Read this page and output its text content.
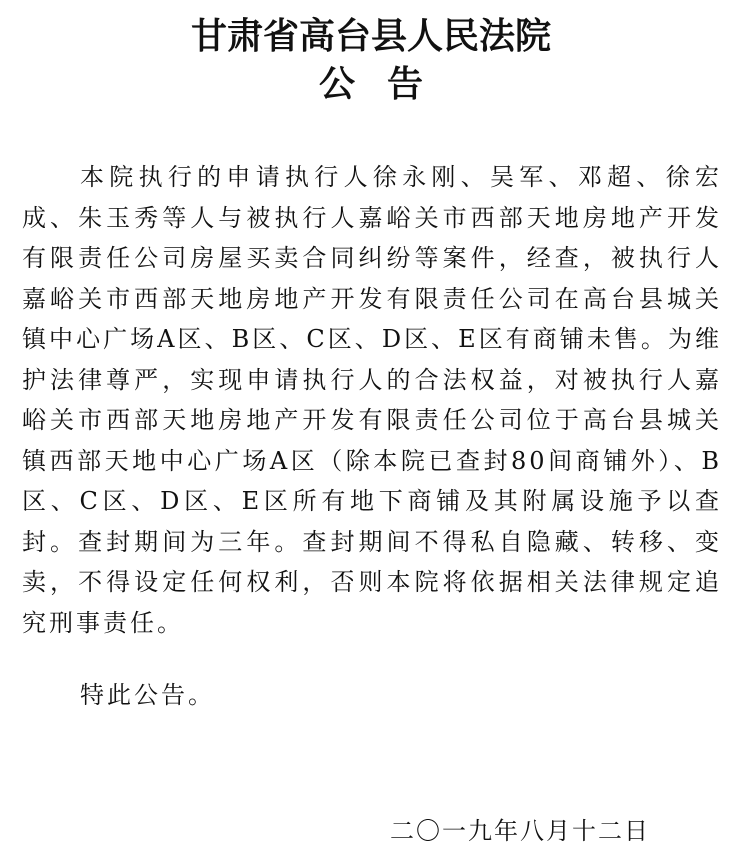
甘肃省高台县人民法院
公告

本院执行的申请执行人徐永刚、吴军、邓超、徐宏成、朱玉秀等人与被执行人嘉峪关市西部天地房地产开发有限责任公司房屋买卖合同纠纷等案件，经查，被执行人嘉峪关市西部天地房地产开发有限责任公司在高台县城关镇中心广场A区、B区、C区、D区、E区有商铺未售。为维护法律尊严，实现申请执行人的合法权益，对被执行人嘉峪关市西部天地房地产开发有限责任公司位于高台县城关镇西部天地中心广场A区（除本院已查封80间商铺外）、B区、C区、D区、E区所有地下商铺及其附属设施予以查封。查封期间为三年。查封期间不得私自隐藏、转移、变卖，不得设定任何权利，否则本院将依据相关法律规定追究刑事责任。

特此公告。

二〇一九年八月十二日
